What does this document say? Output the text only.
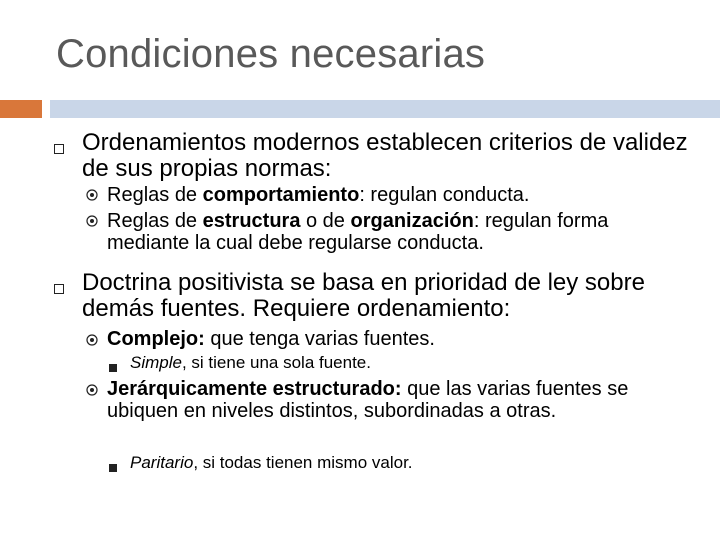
Condiciones necesarias
Ordenamientos modernos establecen criterios de validez de sus propias normas:
Reglas de comportamiento: regulan conducta.
Reglas de estructura o de organización: regulan forma mediante la cual debe regularse conducta.
Doctrina positivista se basa en prioridad de ley sobre demás fuentes. Requiere ordenamiento:
Complejo: que tenga varias fuentes.
Simple, si tiene una sola fuente.
Jerárquicamente estructurado: que las varias fuentes se ubiquen en niveles distintos, subordinadas a otras.
Paritario, si todas tienen mismo valor.
